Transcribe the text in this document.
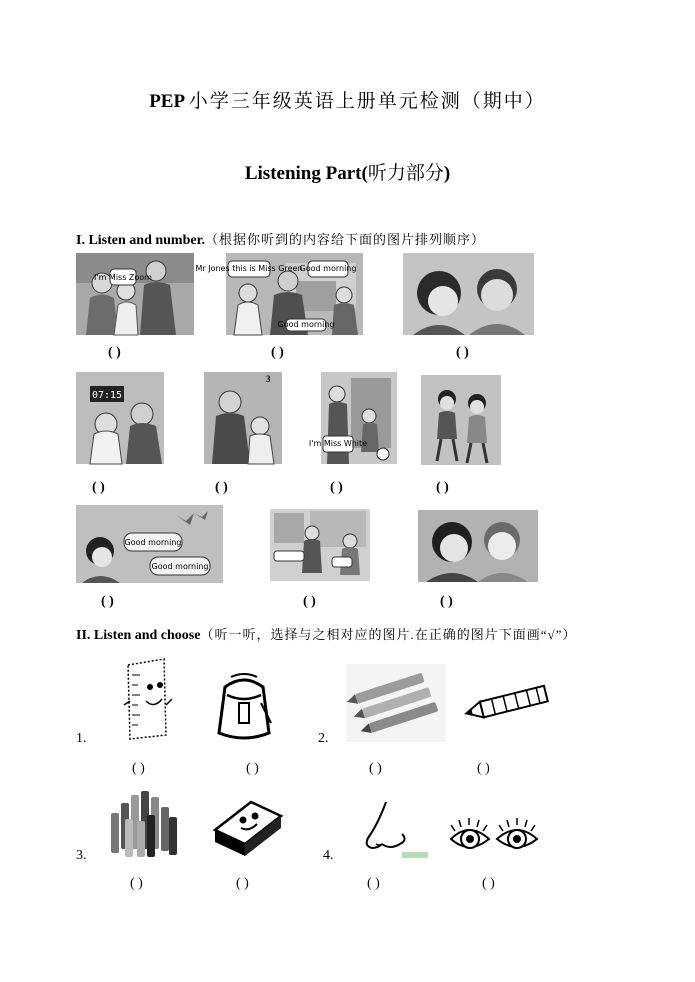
PEP 小学三年级英语上册单元检测（期中）
Listening Part(听力部分)
I. Listen and number.（根据你听到的内容给下面的图片排列顺序）
I'm Miss Zoom
Mr Jones this is Miss Green
Good morning
Good morning
( )	( )	( )
07:15
3
I'm Miss White
( )	( )	( )	( )
Good morning
Good morning
( )	( )	( )
II. Listen and choose（听一听，选择与之相对应的图片.在正确的图片下面画“√”）
1.
( )	( )
2.
( )	( )
3.
( )	( )
4.
( )	( )
